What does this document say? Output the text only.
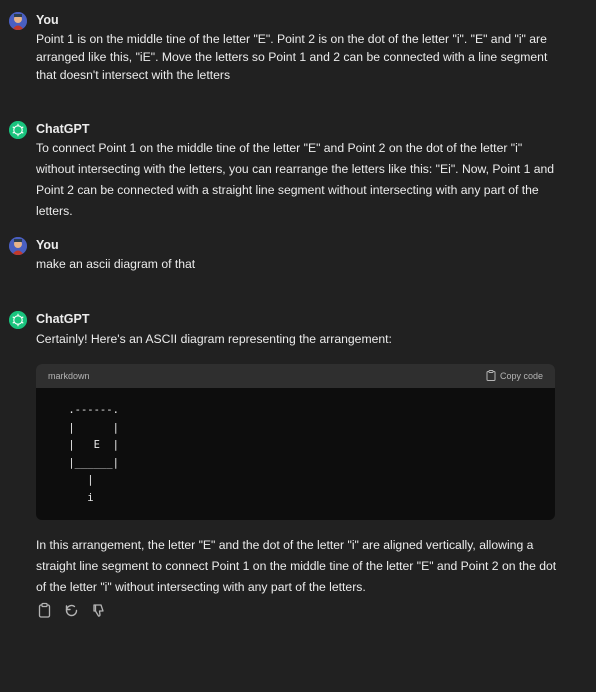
You
Point 1 is on the middle tine of the letter "E". Point 2 is on the dot of the letter "i". "E" and "i" are arranged like this, "iE". Move the letters so Point 1 and 2 can be connected with a line segment that doesn't intersect with the letters
ChatGPT
To connect Point 1 on the middle tine of the letter "E" and Point 2 on the dot of the letter "i" without intersecting with the letters, you can rearrange the letters like this: "Ei". Now, Point 1 and Point 2 can be connected with a straight line segment without intersecting with any part of the letters.
You
make an ascii diagram of that
ChatGPT
Certainly! Here's an ASCII diagram representing the arrangement:
markdown	Copy code
.------.
|      |
|   E  |
|______|
|
i
In this arrangement, the letter "E" and the dot of the letter "i" are aligned vertically, allowing a straight line segment to connect Point 1 on the middle tine of the letter "E" and Point 2 on the dot of the letter "i" without intersecting with any part of the letters.
